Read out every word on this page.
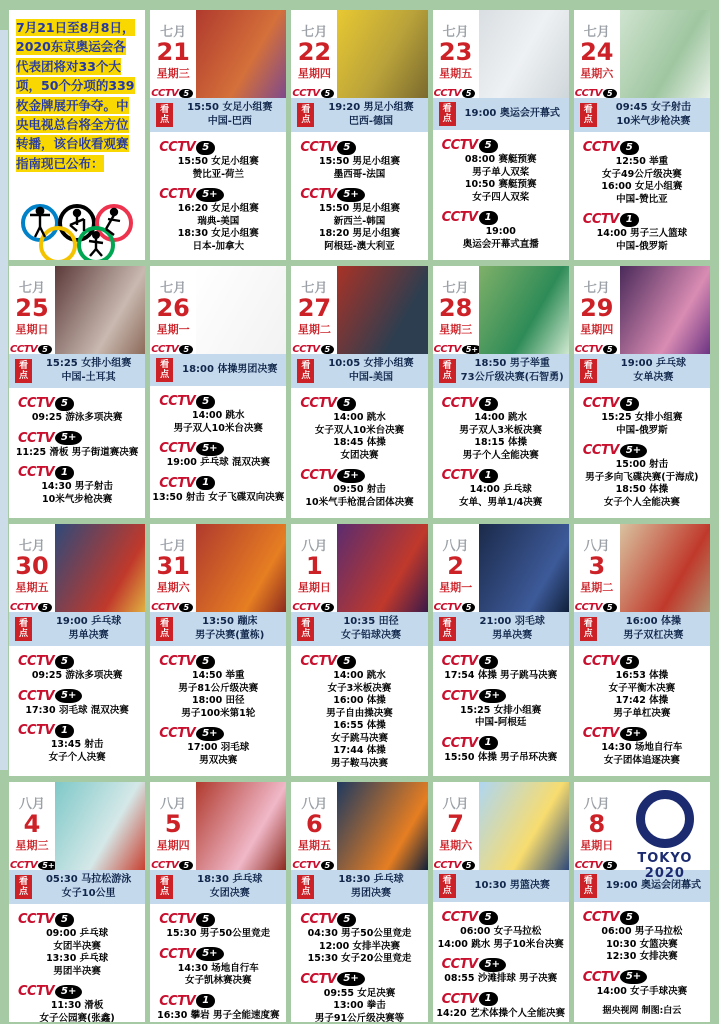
7月21日至8月8日，2020东京奥运会各代表团将对33个大项，50个分项的339枚金牌展开争夺。中央电视总台将全方位转播，该台收看观赛指南现已公布：
七月
21
星期三
CCTV 5
看点
15:50 女足小组赛
中国-巴西
CCTV 5
15:50 女足小组赛
赞比亚-荷兰
CCTV 5+
16:20 女足小组赛
瑞典-美国
18:30 女足小组赛
日本-加拿大
七月
22
星期四
CCTV 5
看点
19:20 男足小组赛
巴西-德国
CCTV 5
15:50 男足小组赛
墨西哥-法国
CCTV 5+
15:50 男足小组赛
新西兰-韩国
18:20 男足小组赛
阿根廷-澳大利亚
七月
23
星期五
CCTV 5
看点	19:00 奥运会开幕式
CCTV 5
08:00 赛艇预赛
男子单人双桨
10:50 赛艇预赛
女子四人双桨
CCTV 1
19:00
奥运会开幕式直播
七月
24
星期六
CCTV 5
看点
09:45 女子射击
10米气步枪决赛
CCTV 5
12:50 举重
女子49公斤级决赛
16:00 女足小组赛
中国-赞比亚
CCTV 1
14:00 男子三人篮球
中国-俄罗斯
七月
25
星期日
CCTV 5
看点
15:25 女排小组赛
中国-土耳其
CCTV 5
09:25 游泳多项决赛
CCTV 5+
11:25 滑板 男子街道赛决赛
CCTV 1
14:30 男子射击
10米气步枪决赛
七月
26
星期一
CCTV 5
看点	18:00 体操男团决赛
CCTV 5
14:00 跳水
男子双人10米台决赛
CCTV 5+
19:00 乒乓球 混双决赛
CCTV 1
13:50 射击 女子飞碟双向决赛
七月
27
星期二
CCTV 5
看点
10:05 女排小组赛
中国-美国
CCTV 5
14:00 跳水
女子双人10米台决赛
18:45 体操
女团决赛
CCTV 5+
09:50 射击
10米气手枪混合团体决赛
七月
28
星期三
CCTV 5+
看点
18:50 男子举重
73公斤级决赛(石智勇)
CCTV 5
14:00 跳水
男子双人3米板决赛
18:15 体操
男子个人全能决赛
CCTV 1
14:00 乒乓球
女单、男单1/4决赛
七月
29
星期四
CCTV 5
看点
19:00 乒乓球
女单决赛
CCTV 5
15:25 女排小组赛
中国-俄罗斯
CCTV 5+
15:00 射击
男子多向飞碟决赛(于海成)
18:50 体操
女子个人全能决赛
七月
30
星期五
CCTV 5
看点
19:00 乒乓球
男单决赛
CCTV 5
09:25 游泳多项决赛
CCTV 5+
17:30 羽毛球 混双决赛
CCTV 1
13:45 射击
女子个人决赛
七月
31
星期六
CCTV 5
看点
13:50 蹦床
男子决赛(董栋)
CCTV 5
14:50 举重
男子81公斤级决赛
18:00 田径
男子100米第1轮
CCTV 5+
17:00 羽毛球
男双决赛
八月
1
星期日
CCTV 5
看点
10:35 田径
女子铅球决赛
CCTV 5
14:00 跳水
女子3米板决赛
16:00 体操
男子自由操决赛
16:55 体操
女子跳马决赛
17:44 体操
男子鞍马决赛
八月
2
星期一
CCTV 5
看点
21:00 羽毛球
男单决赛
CCTV 5
17:54 体操 男子跳马决赛
CCTV 5+
15:25 女排小组赛
中国-阿根廷
CCTV 1
15:50 体操 男子吊环决赛
八月
3
星期二
CCTV 5
看点
16:00 体操
男子双杠决赛
CCTV 5
16:53 体操
女子平衡木决赛
17:42 体操
男子单杠决赛
CCTV 5+
14:30 场地自行车
女子团体追逐决赛
八月
4
星期三
CCTV 5+
看点
05:30 马拉松游泳
女子10公里
CCTV 5
09:00 乒乓球
女团半决赛
13:30 乒乓球
男团半决赛
CCTV 5+
11:30 滑板
女子公园赛(张鑫)
八月
5
星期四
CCTV 5
看点
18:30 乒乓球
女团决赛
CCTV 5
15:30 男子50公里竞走
CCTV 5+
14:30 场地自行车
女子凯林赛决赛
CCTV 1
16:30 攀岩 男子全能速度赛
八月
6
星期五
CCTV 5
看点
18:30 乒乓球
男团决赛
CCTV 5
04:30 男子50公里竞走
12:00 女排半决赛
15:30 女子20公里竞走
CCTV 5+
09:55 女足决赛
13:00 拳击
男子91公斤级决赛等
八月
7
星期六
CCTV 5
看点	10:30 男篮决赛
CCTV 5
06:00 女子马拉松
14:00 跳水 男子10米台决赛
CCTV 5+
08:55 沙滩排球 男子决赛
CCTV 1
14:20 艺术体操个人全能决赛
八月
8
星期日
CCTV 5	TOKYO 2020
看点	19:00 奥运会闭幕式
CCTV 5
06:00 男子马拉松
10:30 女篮决赛
12:30 女排决赛
CCTV 5+
14:00 女子手球决赛
据央视网 制图:白云
